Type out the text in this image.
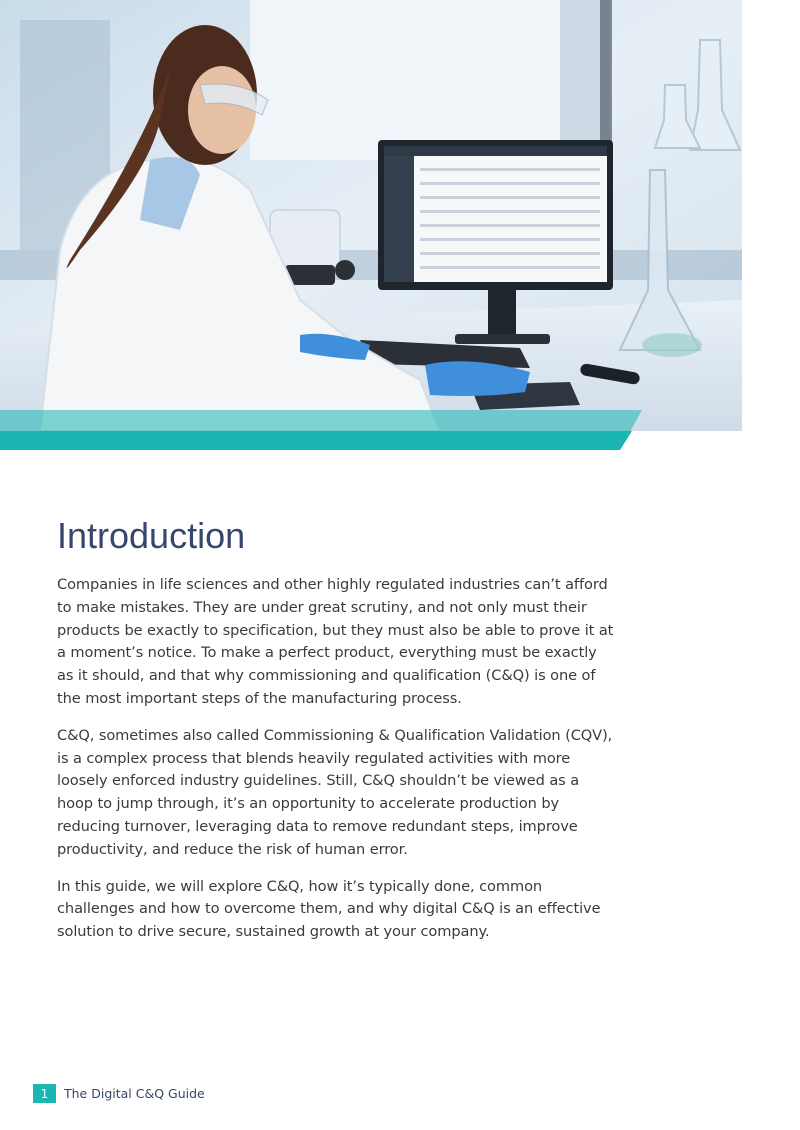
Introduction

Companies in life sciences and other highly regulated industries can’t afford to make mistakes. They are under great scrutiny, and not only must their products be exactly to specification, but they must also be able to prove it at a moment’s notice. To make a perfect product, everything must be exactly as it should, and that why commissioning and qualification (C&Q) is one of the most important steps of the manufacturing process.

C&Q, sometimes also called Commissioning & Qualification Validation (CQV), is a complex process that blends heavily regulated activities with more loosely enforced industry guidelines. Still, C&Q shouldn’t be viewed as a hoop to jump through, it’s an opportunity to accelerate production by reducing turnover, leveraging data to remove redundant steps, improve productivity, and reduce the risk of human error.

In this guide, we will explore C&Q, how it’s typically done, common challenges and how to overcome them, and why digital C&Q is an effective solution to drive secure, sustained growth at your company.

1	The Digital C&Q Guide
